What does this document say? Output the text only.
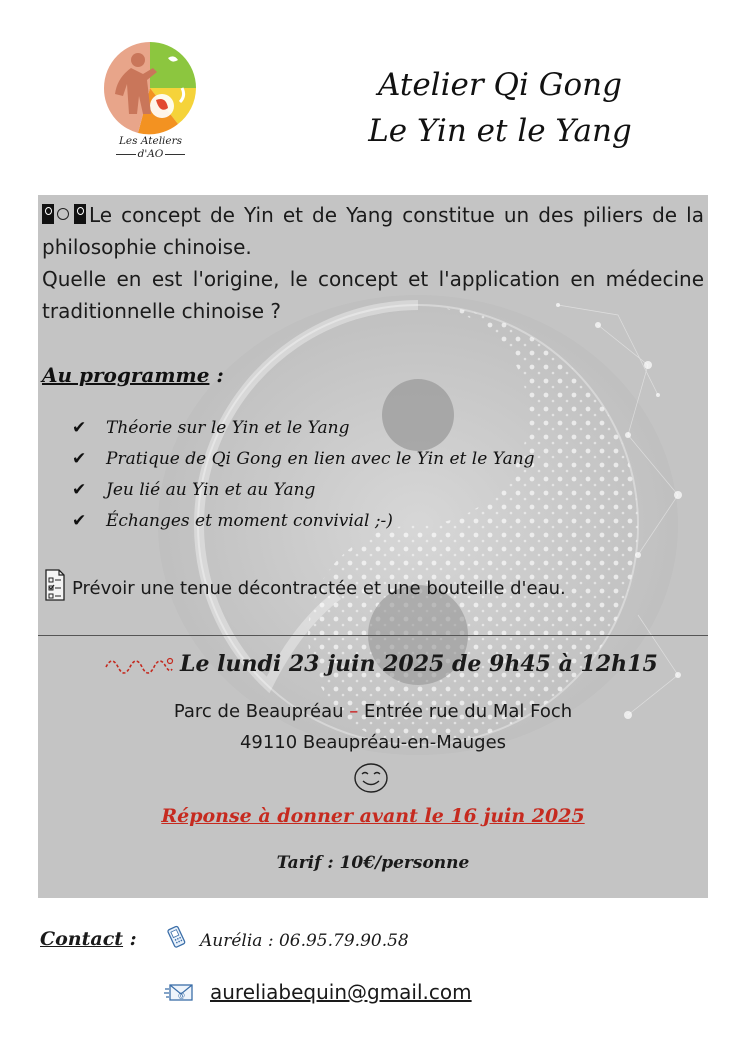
Les Ateliers
d'AO
Atelier Qi Gong
Le Yin et le Yang

Le concept de Yin et de Yang constitue un des piliers de la philosophie chinoise.

Quelle en est l'origine, le concept et l'application en médecine traditionnelle chinoise ?

Au programme :
✔ Théorie sur le Yin et le Yang
✔ Pratique de Qi Gong en lien avec le Yin et le Yang
✔ Jeu lié au Yin et au Yang
✔ Échanges et moment convivial ;-)
Prévoir une tenue décontractée et une bouteille d'eau.
Le lundi 23 juin 2025 de 9h45 à 12h15
Parc de Beaupréau – Entrée rue du Mal Foch
49110 Beaupréau-en-Mauges
Réponse à donner avant le 16 juin 2025
Tarif : 10€/personne
Contact :	Aurélia : 06.95.79.90.58
@ aureliabequin@gmail.com
